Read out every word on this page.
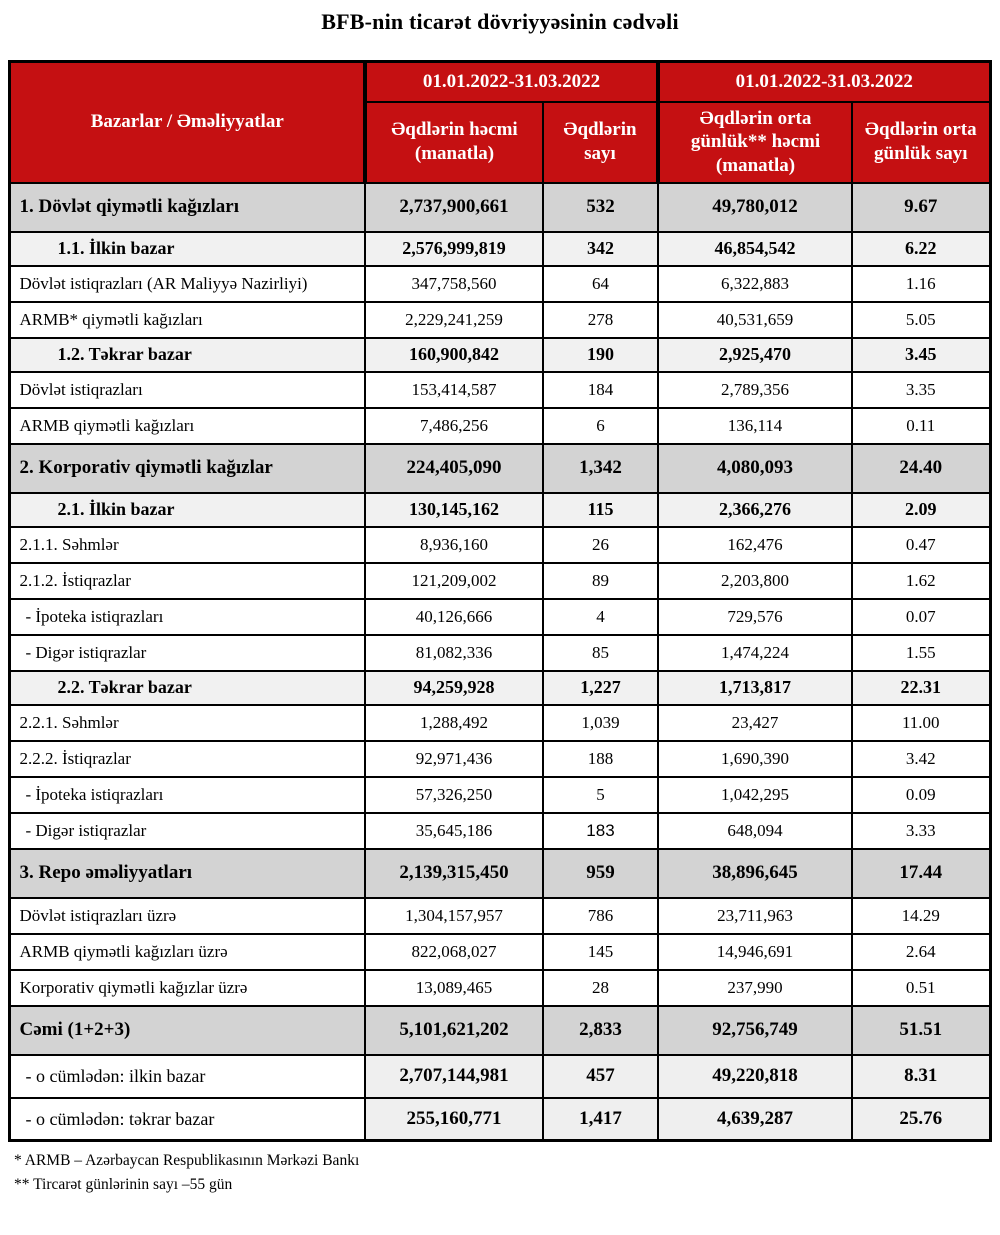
BFB-nin ticarət dövriyyəsinin cədvəli
Bazarlar / Əməliyyatlar	01.01.2022-31.03.2022		01.01.2022-31.03.2022	
	Əqdlərin həcmi (manatla)	Əqdlərin sayı	Əqdlərin orta günlük** həcmi (manatla)	Əqdlərin orta günlük sayı
1. Dövlət qiymətli kağızları	2,737,900,661	532	49,780,012	9.67
1.1. İlkin bazar	2,576,999,819	342	46,854,542	6.22
Dövlət istiqrazları (AR Maliyyə Nazirliyi)	347,758,560	64	6,322,883	1.16
ARMB* qiymətli kağızları	2,229,241,259	278	40,531,659	5.05
1.2. Təkrar bazar	160,900,842	190	2,925,470	3.45
Dövlət istiqrazları	153,414,587	184	2,789,356	3.35
ARMB qiymətli kağızları	7,486,256	6	136,114	0.11
2. Korporativ qiymətli kağızlar	224,405,090	1,342	4,080,093	24.40
2.1. İlkin bazar	130,145,162	115	2,366,276	2.09
2.1.1. Səhmlər	8,936,160	26	162,476	0.47
2.1.2. İstiqrazlar	121,209,002	89	2,203,800	1.62
- İpoteka istiqrazları	40,126,666	4	729,576	0.07
- Digər istiqrazlar	81,082,336	85	1,474,224	1.55
2.2. Təkrar bazar	94,259,928	1,227	1,713,817	22.31
2.2.1. Səhmlər	1,288,492	1,039	23,427	11.00
2.2.2. İstiqrazlar	92,971,436	188	1,690,390	3.42
- İpoteka istiqrazları	57,326,250	5	1,042,295	0.09
- Digər istiqrazlar	35,645,186	183	648,094	3.33
3. Repo əməliyyatları	2,139,315,450	959	38,896,645	17.44
Dövlət istiqrazları üzrə	1,304,157,957	786	23,711,963	14.29
ARMB qiymətli kağızları üzrə	822,068,027	145	14,946,691	2.64
Korporativ qiymətli kağızlar üzrə	13,089,465	28	237,990	0.51
Cəmi (1+2+3)	5,101,621,202	2,833	92,756,749	51.51
- o cümlədən: ilkin bazar	2,707,144,981	457	49,220,818	8.31
- o cümlədən: təkrar bazar	255,160,771	1,417	4,639,287	25.76
* ARMB – Azərbaycan Respublikasının Mərkəzi Bankı
** Tircarət günlərinin sayı –55 gün
